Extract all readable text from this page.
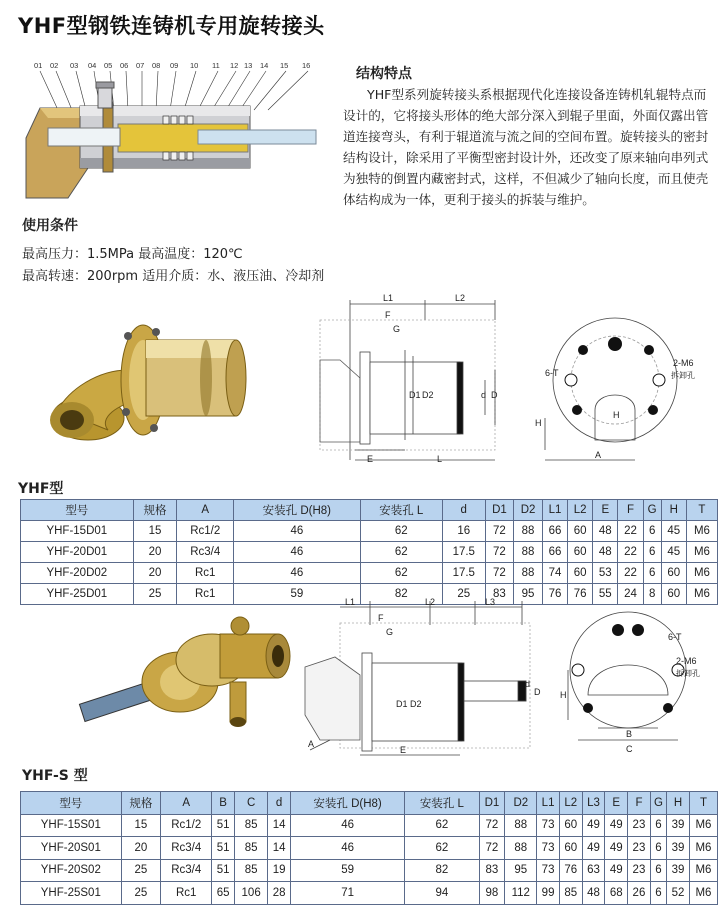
YHF型钢铁连铸机专用旋转接头
01 02 03 04 05 06 07 08 09 10 11 12 13 14 15 16
结构特点
YHF型系列旋转接头系根据现代化连接设备连铸机轧辊特点而设计的，它将接头形体的绝大部分深入到辊子里面，外面仅露出管道连接弯头，有利于辊道流与流之间的空间布置。旋转接头的密封结构设计，除采用了平衡型密封设计外，还改变了原来轴向串列式为独特的倒置内藏密封式，这样，不但减少了轴向长度，而且使壳体结构成为一体，更利于接头的拆装与维护。
使用条件
最高压力：1.5MPa 最高温度：120℃
最高转速：200rpm 适用介质：水、液压油、冷却剂
L1	L2
F
G
D1 D2	d D
E	L
6-T
2-M6
拆卸孔
H
H
A
YHF型
型号	规格	A	安装孔 D(H8)	安装孔 L	d	D1	D2	L1	L2	E	F	G	H	T
YHF-15D01	15	Rc1/2	46	62	16	72	88	66	60	48	22	6	45	M6
YHF-20D01	20	Rc3/4	46	62	17.5	72	88	66	60	48	22	6	45	M6
YHF-20D02	20	Rc1	46	62	17.5	72	88	74	60	53	22	6	60	M6
YHF-25D01	25	Rc1	59	82	25	83	95	76	76	55	24	8	60	M6
L1	L2	L3
F
G
D1 D2
d
D
A
E
6-T
2-M6
拆卸孔
H
B
C
YHF-S 型
型号	规格	A	B	C	d	安装孔 D(H8)	安装孔 L	D1	D2	L1	L2	L3	E	F	G	H	T
YHF-15S01	15	Rc1/2	51	85	14	46	62	72	88	73	60	49	49	23	6	39	M6
YHF-20S01	20	Rc3/4	51	85	14	46	62	72	88	73	60	49	49	23	6	39	M6
YHF-20S02	25	Rc3/4	51	85	19	59	82	83	95	73	76	63	49	23	6	39	M6
YHF-25S01	25	Rc1	65	106	28	71	94	98	112	99	85	48	68	26	6	52	M6
